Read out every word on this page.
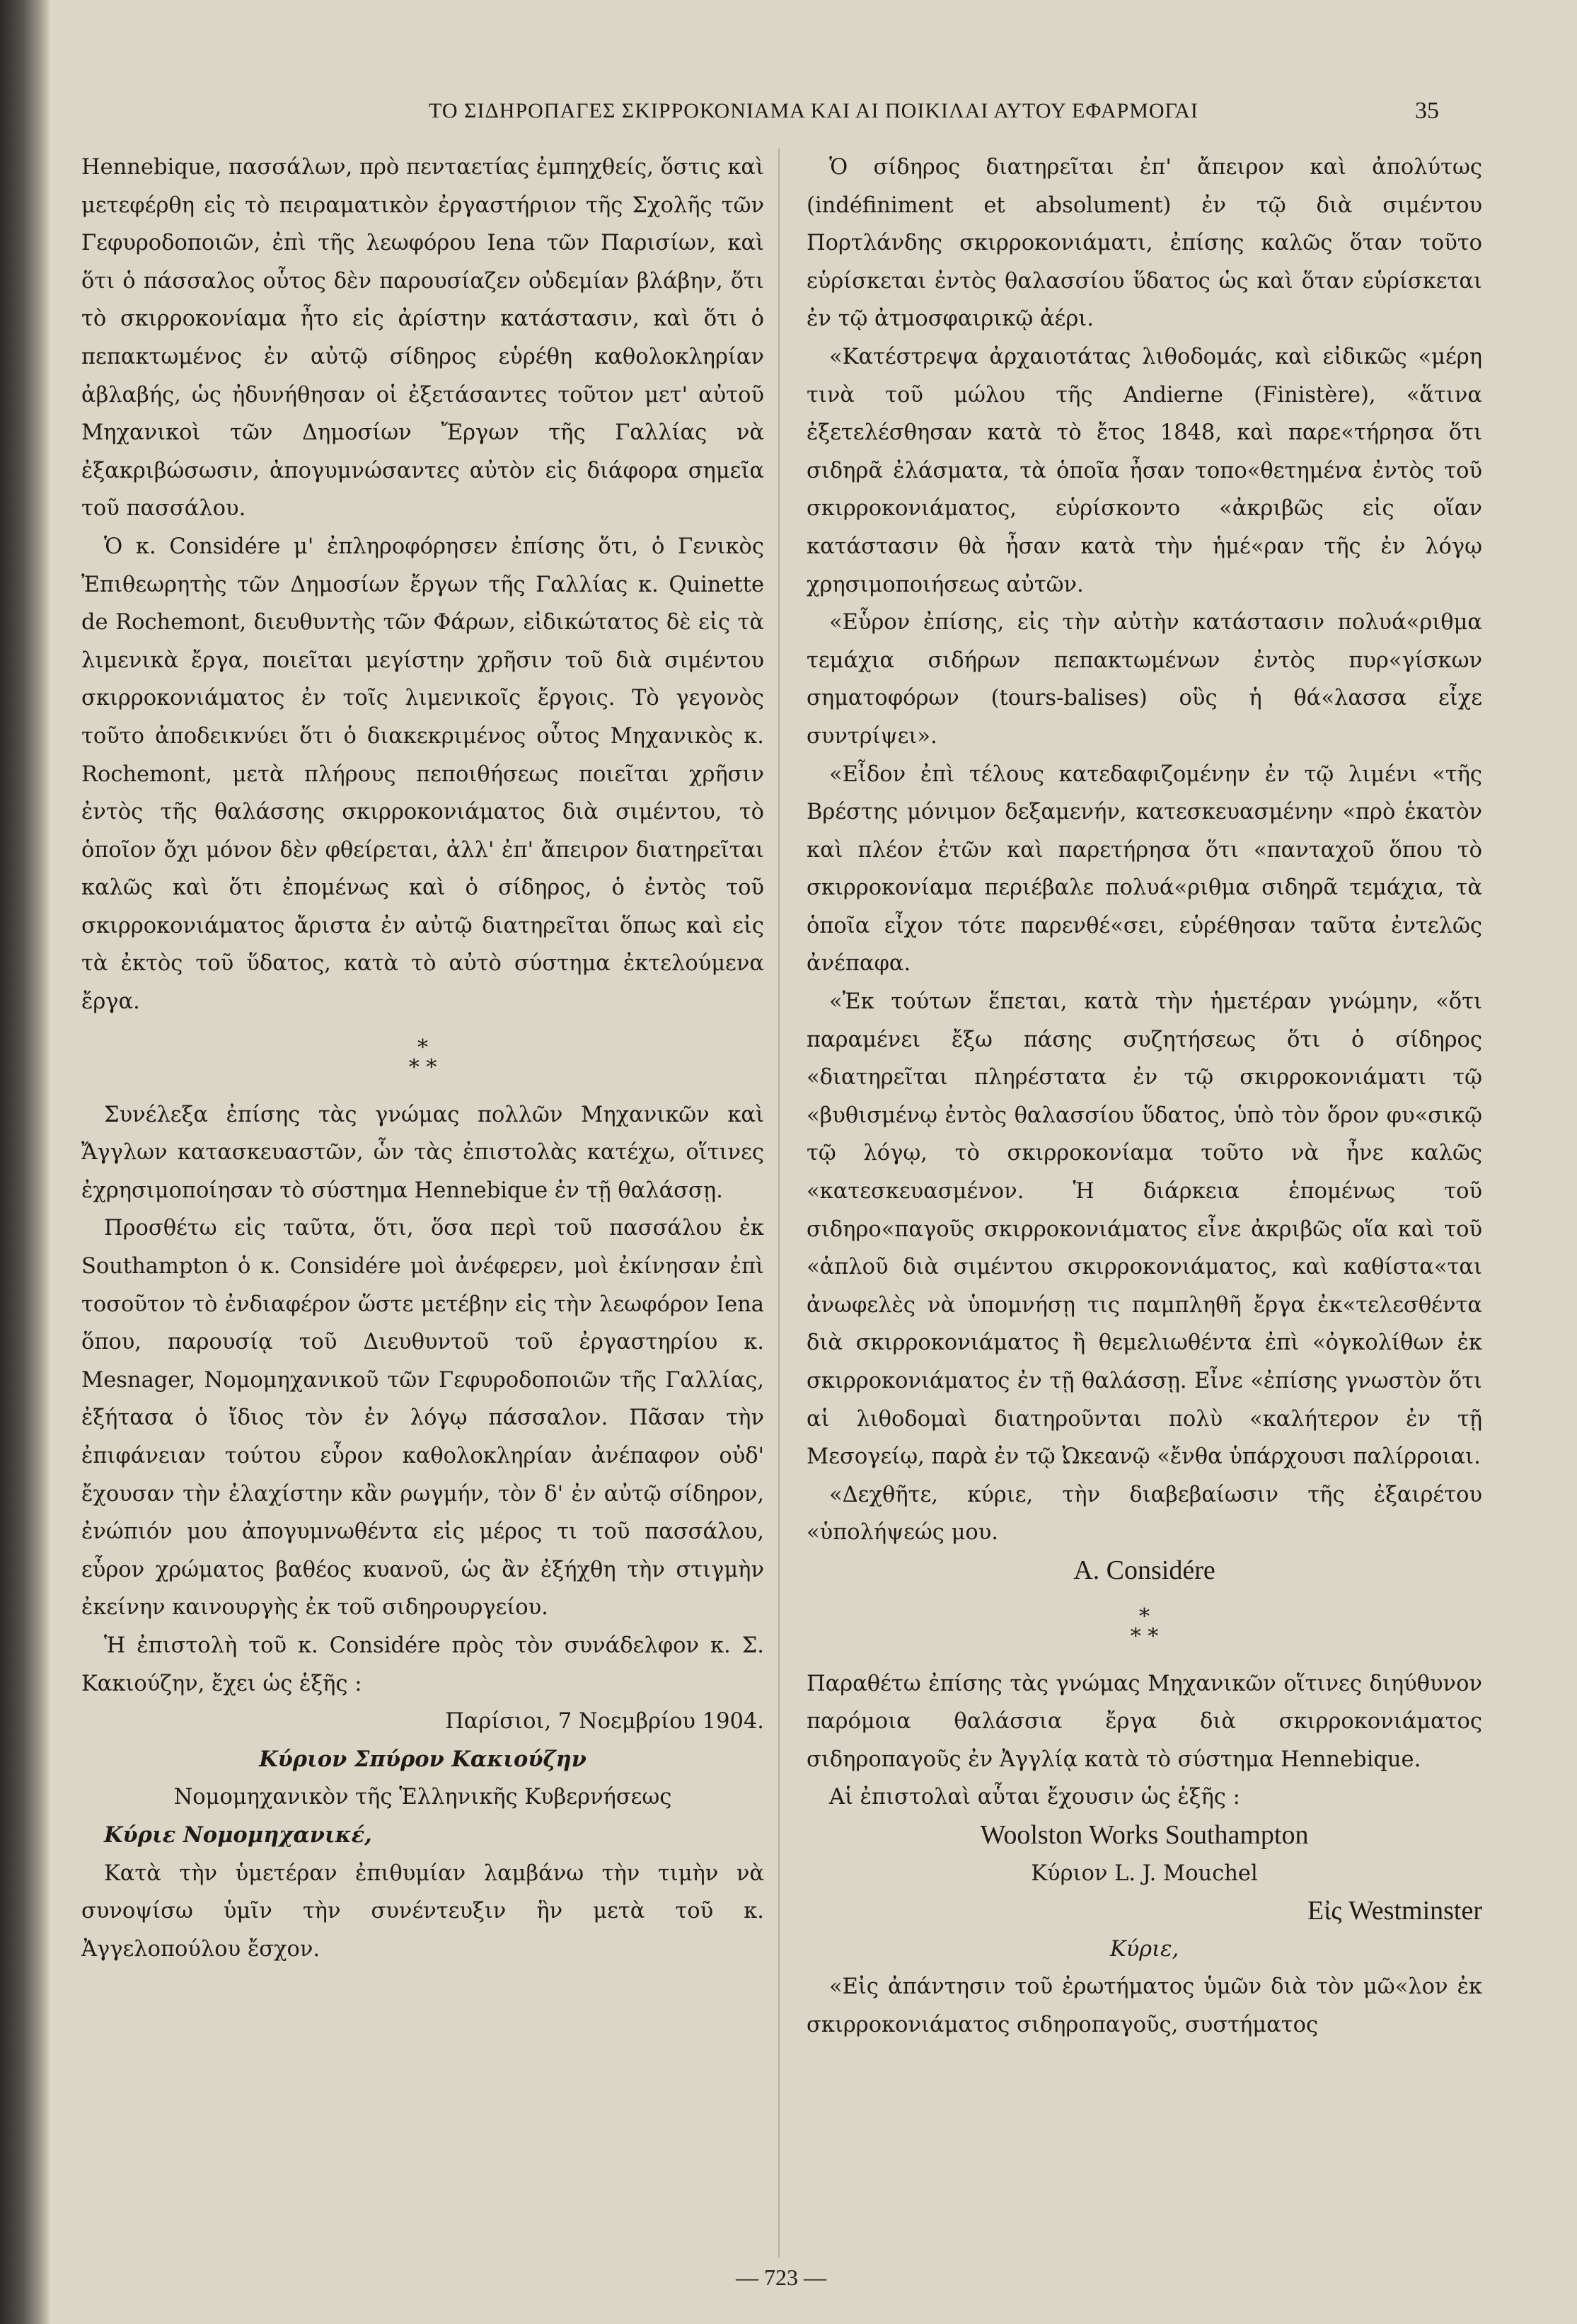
ΤΟ ΣΙΔΗΡΟΠΑΓΕΣ ΣΚΙΡΡΟΚΟΝΙΑΜΑ ΚΑΙ ΑΙ ΠΟΙΚΙΛΑΙ ΑΥΤΟΥ ΕΦΑΡΜΟΓΑΙ	35

Hennebique, πασσάλων, πρὸ πενταετίας ἐμπηχθείς, ὅστις καὶ μετεφέρθη εἰς τὸ πειραματικὸν ἐργαστήριον τῆς Σχολῆς τῶν Γεφυροδοποιῶν, ἐπὶ τῆς λεωφόρου Iena τῶν Παρισίων, καὶ ὅτι ὁ πάσσαλος οὗτος δὲν παρουσίαζεν οὐδεμίαν βλάβην, ὅτι τὸ σκιρροκονίαμα ἦτο εἰς ἀρίστην κατάστασιν, καὶ ὅτι ὁ πεπακτωμένος ἐν αὐτῷ σίδηρος εὑρέθη καθολοκληρίαν ἀβλαβής, ὡς ἠδυνήθησαν οἱ ἐξετάσαντες τοῦτον μετ' αὐτοῦ Μηχανικοὶ τῶν Δημοσίων Ἔργων τῆς Γαλλίας νὰ ἐξακριβώσωσιν, ἀπογυμνώσαντες αὐτὸν εἰς διάφορα σημεῖα τοῦ πασσάλου.

Ὁ κ. Considére μ' ἐπληροφόρησεν ἐπίσης ὅτι, ὁ Γενικὸς Ἐπιθεωρητὴς τῶν Δημοσίων ἔργων τῆς Γαλλίας κ. Quinette de Rochemont, διευθυντὴς τῶν Φάρων, εἰδικώτατος δὲ εἰς τὰ λιμενικὰ ἔργα, ποιεῖται μεγίστην χρῆσιν τοῦ διὰ σιμέντου σκιρροκονιάματος ἐν τοῖς λιμενικοῖς ἔργοις. Τὸ γεγονὸς τοῦτο ἀποδεικνύει ὅτι ὁ διακεκριμένος οὗτος Μηχανικὸς κ. Rochemont, μετὰ πλήρους πεποιθήσεως ποιεῖται χρῆσιν ἐντὸς τῆς θαλάσσης σκιρροκονιάματος διὰ σιμέντου, τὸ ὁποῖον ὄχι μόνον δὲν φθείρεται, ἀλλ' ἐπ' ἄπειρον διατηρεῖται καλῶς καὶ ὅτι ἐπομένως καὶ ὁ σίδηρος, ὁ ἐντὸς τοῦ σκιρροκονιάματος ἄριστα ἐν αὐτῷ διατηρεῖται ὅπως καὶ εἰς τὰ ἐκτὸς τοῦ ὕδατος, κατὰ τὸ αὐτὸ σύστημα ἐκτελούμενα ἔργα.

*
* *

Συνέλεξα ἐπίσης τὰς γνώμας πολλῶν Μηχανικῶν καὶ Ἄγγλων κατασκευαστῶν, ὧν τὰς ἐπιστολὰς κατέχω, οἵτινες ἐχρησιμοποίησαν τὸ σύστημα Hennebique ἐν τῇ θαλάσσῃ.

Προσθέτω εἰς ταῦτα, ὅτι, ὅσα περὶ τοῦ πασσάλου ἐκ Southampton ὁ κ. Considére μοὶ ἀνέφερεν, μοὶ ἐκίνησαν ἐπὶ τοσοῦτον τὸ ἐνδιαφέρον ὥστε μετέβην εἰς τὴν λεωφόρον Iena ὅπου, παρουσίᾳ τοῦ Διευθυντοῦ τοῦ ἐργαστηρίου κ. Mesnager, Νομομηχανικοῦ τῶν Γεφυροδοποιῶν τῆς Γαλλίας, ἐξήτασα ὁ ἴδιος τὸν ἐν λόγῳ πάσσαλον. Πᾶσαν τὴν ἐπιφάνειαν τούτου εὗρον καθολοκληρίαν ἀνέπαφον οὐδ' ἔχουσαν τὴν ἐλαχίστην κἂν ρωγμήν, τὸν δ' ἐν αὐτῷ σίδηρον, ἐνώπιόν μου ἀπογυμνωθέντα εἰς μέρος τι τοῦ πασσάλου, εὗρον χρώματος βαθέος κυανοῦ, ὡς ἂν ἐξήχθη τὴν στιγμὴν ἐκείνην καινουργὴς ἐκ τοῦ σιδηρουργείου.

Ἡ ἐπιστολὴ τοῦ κ. Considére πρὸς τὸν συνάδελφον κ. Σ. Κακιούζην, ἔχει ὡς ἑξῆς :

Παρίσιοι, 7 Νοεμβρίου 1904.

Κύριον Σπύρον Κακιούζην

Νομομηχανικὸν τῆς Ἑλληνικῆς Κυβερνήσεως

Κύριε Νομομηχανικέ,

Κατὰ τὴν ὑμετέραν ἐπιθυμίαν λαμβάνω τὴν τιμὴν νὰ συνοψίσω ὑμῖν τὴν συνέντευξιν ἣν μετὰ τοῦ κ. Ἀγγελοπούλου ἔσχον.

Ὁ σίδηρος διατηρεῖται ἐπ' ἄπειρον καὶ ἀπολύτως (indéfiniment et absolument) ἐν τῷ διὰ σιμέντου Πορτλάνδης σκιρροκονιάματι, ἐπίσης καλῶς ὅταν τοῦτο εὑρίσκεται ἐντὸς θαλασσίου ὕδατος ὡς καὶ ὅταν εὑρίσκεται ἐν τῷ ἀτμοσφαιρικῷ ἀέρι.

«Κατέστρεψα ἀρχαιοτάτας λιθοδομάς, καὶ εἰδικῶς «μέρη τινὰ τοῦ μώλου τῆς Andierne (Finistère), «ἅτινα ἐξετελέσθησαν κατὰ τὸ ἔτος 1848, καὶ παρε«τήρησα ὅτι σιδηρᾶ ἐλάσματα, τὰ ὁποῖα ἦσαν τοπο«θετημένα ἐντὸς τοῦ σκιρροκονιάματος, εὑρίσκοντο «ἀκριβῶς εἰς οἵαν κατάστασιν θὰ ἦσαν κατὰ τὴν ἡμέ«ραν τῆς ἐν λόγῳ χρησιμοποιήσεως αὐτῶν.

«Εὗρον ἐπίσης, εἰς τὴν αὐτὴν κατάστασιν πολυά«ριθμα τεμάχια σιδήρων πεπακτωμένων ἐντὸς πυρ«γίσκων σηματοφόρων (tours-balises) οὓς ἡ θά«λασσα εἶχε συντρίψει».

«Εἶδον ἐπὶ τέλους κατεδαφιζομένην ἐν τῷ λιμένι «τῆς Βρέστης μόνιμον δεξαμενήν, κατεσκευασμένην «πρὸ ἑκατὸν καὶ πλέον ἐτῶν καὶ παρετήρησα ὅτι «πανταχοῦ ὅπου τὸ σκιρροκονίαμα περιέβαλε πολυά«ριθμα σιδηρᾶ τεμάχια, τὰ ὁποῖα εἶχον τότε παρενθέ«σει, εὑρέθησαν ταῦτα ἐντελῶς ἀνέπαφα.

«Ἐκ τούτων ἕπεται, κατὰ τὴν ἡμετέραν γνώμην, «ὅτι παραμένει ἔξω πάσης συζητήσεως ὅτι ὁ σίδηρος «διατηρεῖται πληρέστατα ἐν τῷ σκιρροκονιάματι τῷ «βυθισμένῳ ἐντὸς θαλασσίου ὕδατος, ὑπὸ τὸν ὅρον φυ«σικῷ τῷ λόγῳ, τὸ σκιρροκονίαμα τοῦτο νὰ ἦνε καλῶς «κατεσκευασμένον. Ἡ διάρκεια ἑπομένως τοῦ σιδηρο«παγοῦς σκιρροκονιάματος εἶνε ἀκριβῶς οἵα καὶ τοῦ «ἁπλοῦ διὰ σιμέντου σκιρροκονιάματος, καὶ καθίστα«ται ἀνωφελὲς νὰ ὑπομνήσῃ τις παμπληθῆ ἔργα ἐκ«τελεσθέντα διὰ σκιρροκονιάματος ἢ θεμελιωθέντα ἐπὶ «ὀγκολίθων ἐκ σκιρροκονιάματος ἐν τῇ θαλάσσῃ. Εἶνε «ἐπίσης γνωστὸν ὅτι αἱ λιθοδομαὶ διατηροῦνται πολὺ «καλήτερον ἐν τῇ Μεσογείῳ, παρὰ ἐν τῷ Ὠκεανῷ «ἔνθα ὑπάρχουσι παλίρροιαι.

«Δεχθῆτε, κύριε, τὴν διαβεβαίωσιν τῆς ἐξαιρέτου «ὑπολήψεώς μου.

A. Considére

*
* *

Παραθέτω ἐπίσης τὰς γνώμας Μηχανικῶν οἵτινες διηύθυνον παρόμοια θαλάσσια ἔργα διὰ σκιρροκονιάματος σιδηροπαγοῦς ἐν Ἀγγλίᾳ κατὰ τὸ σύστημα Hennebique.

Αἱ ἐπιστολαὶ αὗται ἔχουσιν ὡς ἑξῆς :

Woolston Works Southampton

Κύριον L. J. Mouchel

Εἰς Westminster

Κύριε,

«Εἰς ἀπάντησιν τοῦ ἐρωτήματος ὑμῶν διὰ τὸν μῶ«λον ἐκ σκιρροκονιάματος σιδηροπαγοῦς, συστήματος

— 723 —
